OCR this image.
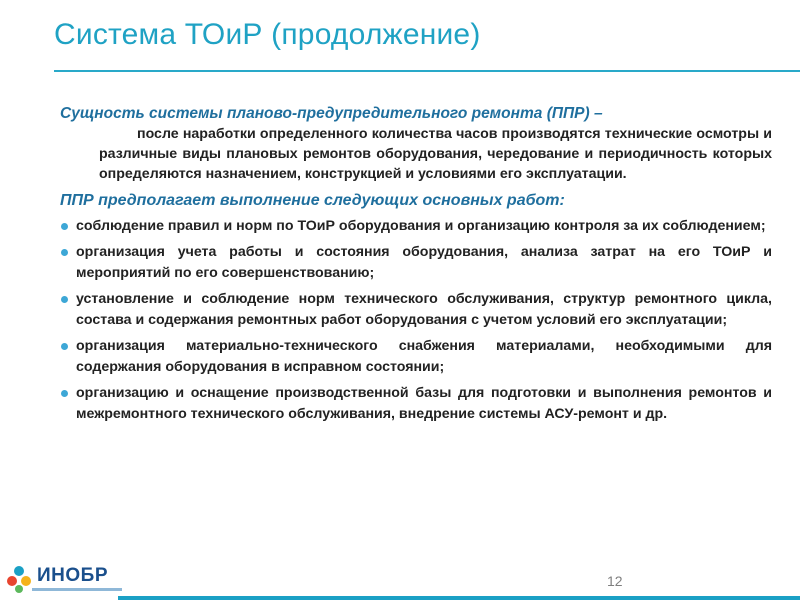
Система ТОиР (продолжение)

Сущность системы планово-предупредительного ремонта (ППР) –

после наработки определенного количества часов производятся технические осмотры и различные виды плановых ремонтов оборудования, чередование и периодичность которых определяются назначением, конструкцией и условиями его эксплуатации.

ППР предполагает выполнение следующих основных работ:

соблюдение правил и норм по ТОиР оборудования и организацию контроля за их соблюдением;
организация учета работы и состояния оборудования, анализа затрат на его ТОиР и мероприятий по его совершенствованию;
установление и соблюдение норм технического обслуживания, структур ремонтного цикла, состава и содержания ремонтных работ оборудования с учетом условий его эксплуатации;
организация материально-технического снабжения материалами, необходимыми для содержания оборудования в исправном состоянии;
организацию и оснащение производственной базы для подготовки и выполнения ремонтов и межремонтного технического обслуживания, внедрение системы АСУ-ремонт и др.
ИНОБР	12
